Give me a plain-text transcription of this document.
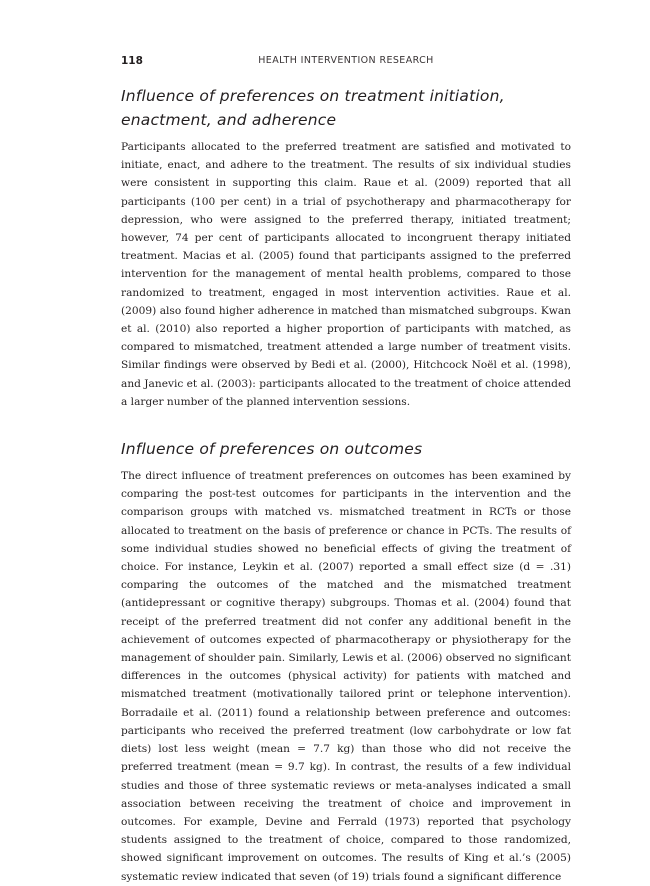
118	HEALTH INTERVENTION RESEARCH
Influence of preferences on treatment initiation, enactment, and adherence

Participants allocated to the preferred treatment are satisfied and motivated to initiate, enact, and adhere to the treatment. The results of six individual studies were consistent in supporting this claim. Raue et al. (2009) reported that all participants (100 per cent) in a trial of psychotherapy and pharmacotherapy for depression, who were assigned to the preferred therapy, initiated treatment; however, 74 per cent of participants allocated to incongruent therapy initiated treatment. Macias et al. (2005) found that participants assigned to the preferred intervention for the management of mental health problems, compared to those randomized to treatment, engaged in most intervention activities. Raue et al. (2009) also found higher adherence in matched than mismatched subgroups. Kwan et al. (2010) also reported a higher proportion of participants with matched, as compared to mismatched, treatment attended a large number of treatment visits. Similar findings were observed by Bedi et al. (2000), Hitchcock Noël et al. (1998), and Janevic et al. (2003): participants allocated to the treatment of choice attended a larger number of the planned intervention sessions.

Influence of preferences on outcomes

The direct influence of treatment preferences on outcomes has been examined by comparing the post-test outcomes for participants in the intervention and the comparison groups with matched vs. mismatched treatment in RCTs or those allocated to treatment on the basis of preference or chance in PCTs. The results of some individual studies showed no beneficial effects of giving the treatment of choice. For instance, Leykin et al. (2007) reported a small effect size (d = .31) comparing the outcomes of the matched and the mismatched treatment (antidepressant or cognitive therapy) subgroups. Thomas et al. (2004) found that receipt of the preferred treatment did not confer any additional benefit in the achievement of outcomes expected of pharmacotherapy or physiotherapy for the management of shoulder pain. Similarly, Lewis et al. (2006) observed no significant differences in the outcomes (physical activity) for patients with matched and mismatched treatment (motivationally tailored print or telephone intervention). Borradaile et al. (2011) found a relationship between preference and outcomes: participants who received the preferred treatment (low carbohydrate or low fat diets) lost less weight (mean = 7.7 kg) than those who did not receive the preferred treatment (mean = 9.7 kg). In contrast, the results of a few individual studies and those of three systematic reviews or meta-analyses indicated a small association between receiving the treatment of choice and improvement in outcomes. For example, Devine and Ferrald (1973) reported that psychology students assigned to the treatment of choice, compared to those randomized, showed significant improvement on outcomes. The results of King et al.’s (2005) systematic review indicated that seven (of 19) trials found a significant difference
